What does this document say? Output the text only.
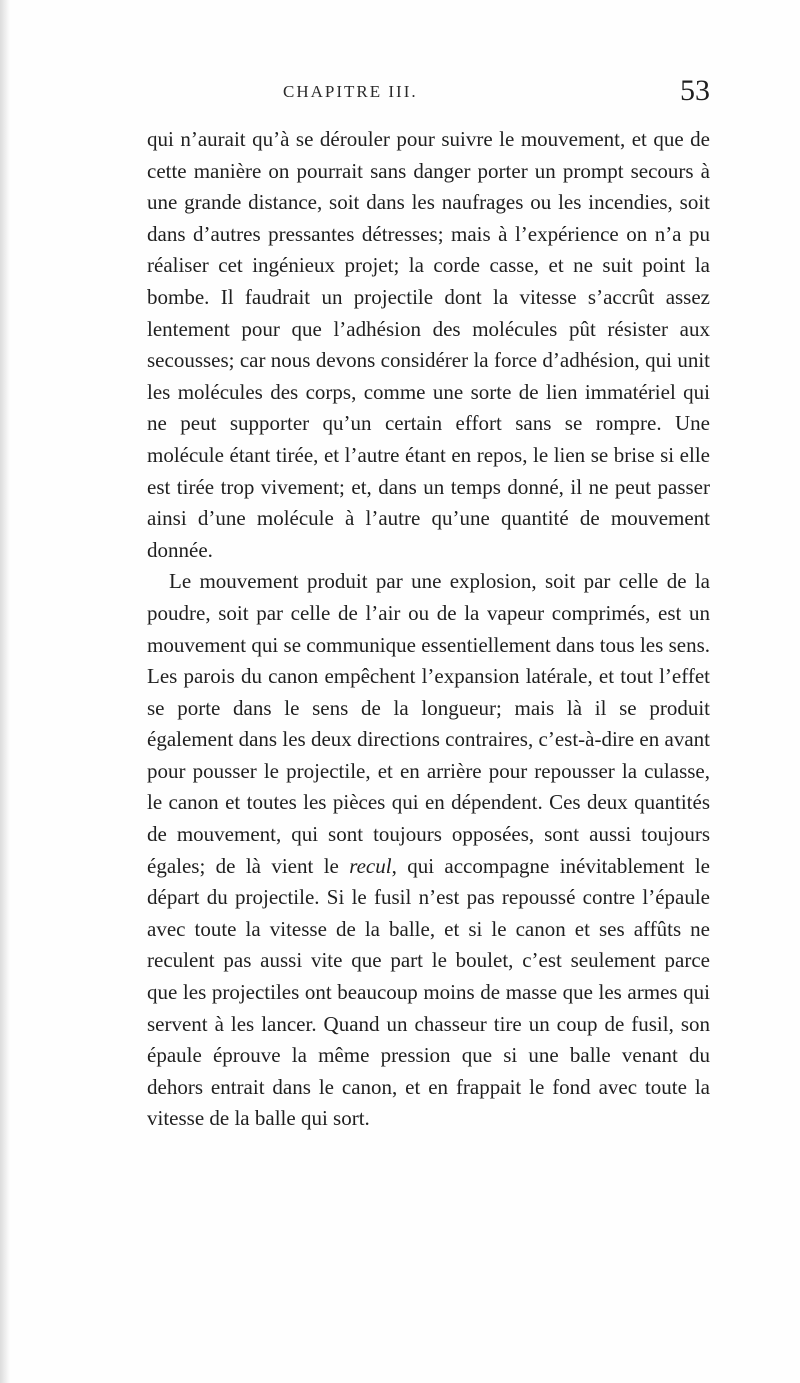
CHAPITRE III.	53

qui n’aurait qu’à se dérouler pour suivre le mouvement, et que de cette manière on pourrait sans danger porter un prompt secours à une grande distance, soit dans les naufrages ou les incendies, soit dans d’autres pressantes détresses; mais à l’expérience on n’a pu réaliser cet ingénieux projet; la corde casse, et ne suit point la bombe. Il faudrait un projectile dont la vitesse s’accrût assez lentement pour que l’adhésion des molécules pût résister aux secousses; car nous devons considérer la force d’adhésion, qui unit les molécules des corps, comme une sorte de lien immatériel qui ne peut supporter qu’un certain effort sans se rompre. Une molécule étant tirée, et l’autre étant en repos, le lien se brise si elle est tirée trop vivement; et, dans un temps donné, il ne peut passer ainsi d’une molécule à l’autre qu’une quantité de mouvement donnée.

Le mouvement produit par une explosion, soit par celle de la poudre, soit par celle de l’air ou de la vapeur comprimés, est un mouvement qui se communique essentiellement dans tous les sens. Les parois du canon empêchent l’expansion latérale, et tout l’effet se porte dans le sens de la longueur; mais là il se produit également dans les deux directions contraires, c’est-à-dire en avant pour pousser le projectile, et en arrière pour repousser la culasse, le canon et toutes les pièces qui en dépendent. Ces deux quantités de mouvement, qui sont toujours opposées, sont aussi toujours égales; de là vient le recul, qui accompagne inévitablement le départ du projectile. Si le fusil n’est pas repoussé contre l’épaule avec toute la vitesse de la balle, et si le canon et ses affûts ne reculent pas aussi vite que part le boulet, c’est seulement parce que les projectiles ont beaucoup moins de masse que les armes qui servent à les lancer. Quand un chasseur tire un coup de fusil, son épaule éprouve la même pression que si une balle venant du dehors entrait dans le canon, et en frappait le fond avec toute la vitesse de la balle qui sort.
